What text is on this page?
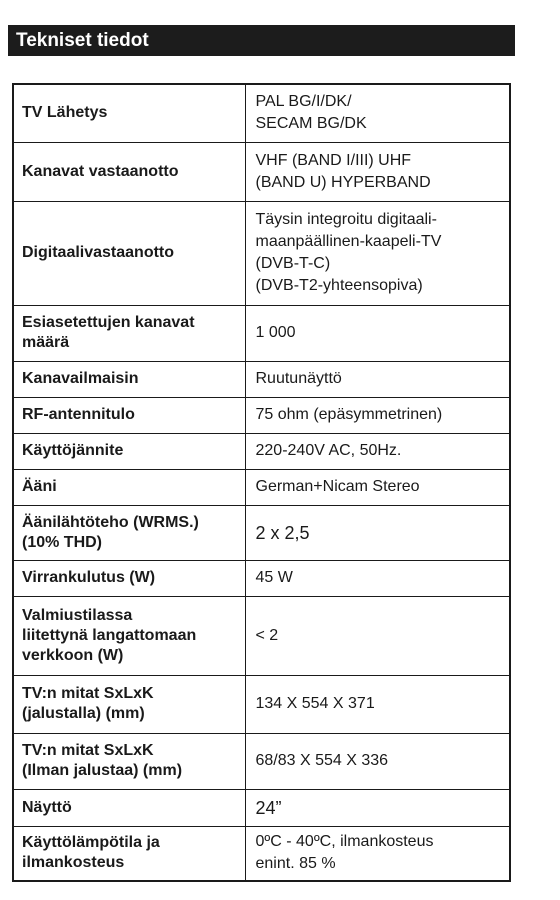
Tekniset tiedot
TV Lähetys	PAL BG/I/DK/
SECAM BG/DK

Kanavat vastaanotto	VHF (BAND I/III) UHF
(BAND U) HYPERBAND

Digitaalivastaanotto	Täysin integroitu digitaali-
maanpäällinen-kaapeli-TV
(DVB-T-C)
(DVB-T2-yhteensopiva)

Esiasetettujen kanavat
määrä	1 000

Kanavailmaisin	Ruutunäyttö

RF-antennitulo	75 ohm (epäsymmetrinen)

Käyttöjännite	220-240V AC, 50Hz.

Ääni	German+Nicam Stereo

Äänilähtöteho (WRMS.)
(10% THD)	2 x 2,5

Virrankulutus (W)	45 W

Valmiustilassa
liitettynä langattomaan
verkkoon (W)	< 2

TV:n mitat SxLxK
(jalustalla) (mm)	134 X 554 X 371

TV:n mitat SxLxK
(Ilman jalustaa) (mm)	68/83 X 554 X 336

Näyttö	24”

Käyttölämpötila ja
ilmankosteus	0ºC - 40ºC, ilmankosteus
enint. 85 %
